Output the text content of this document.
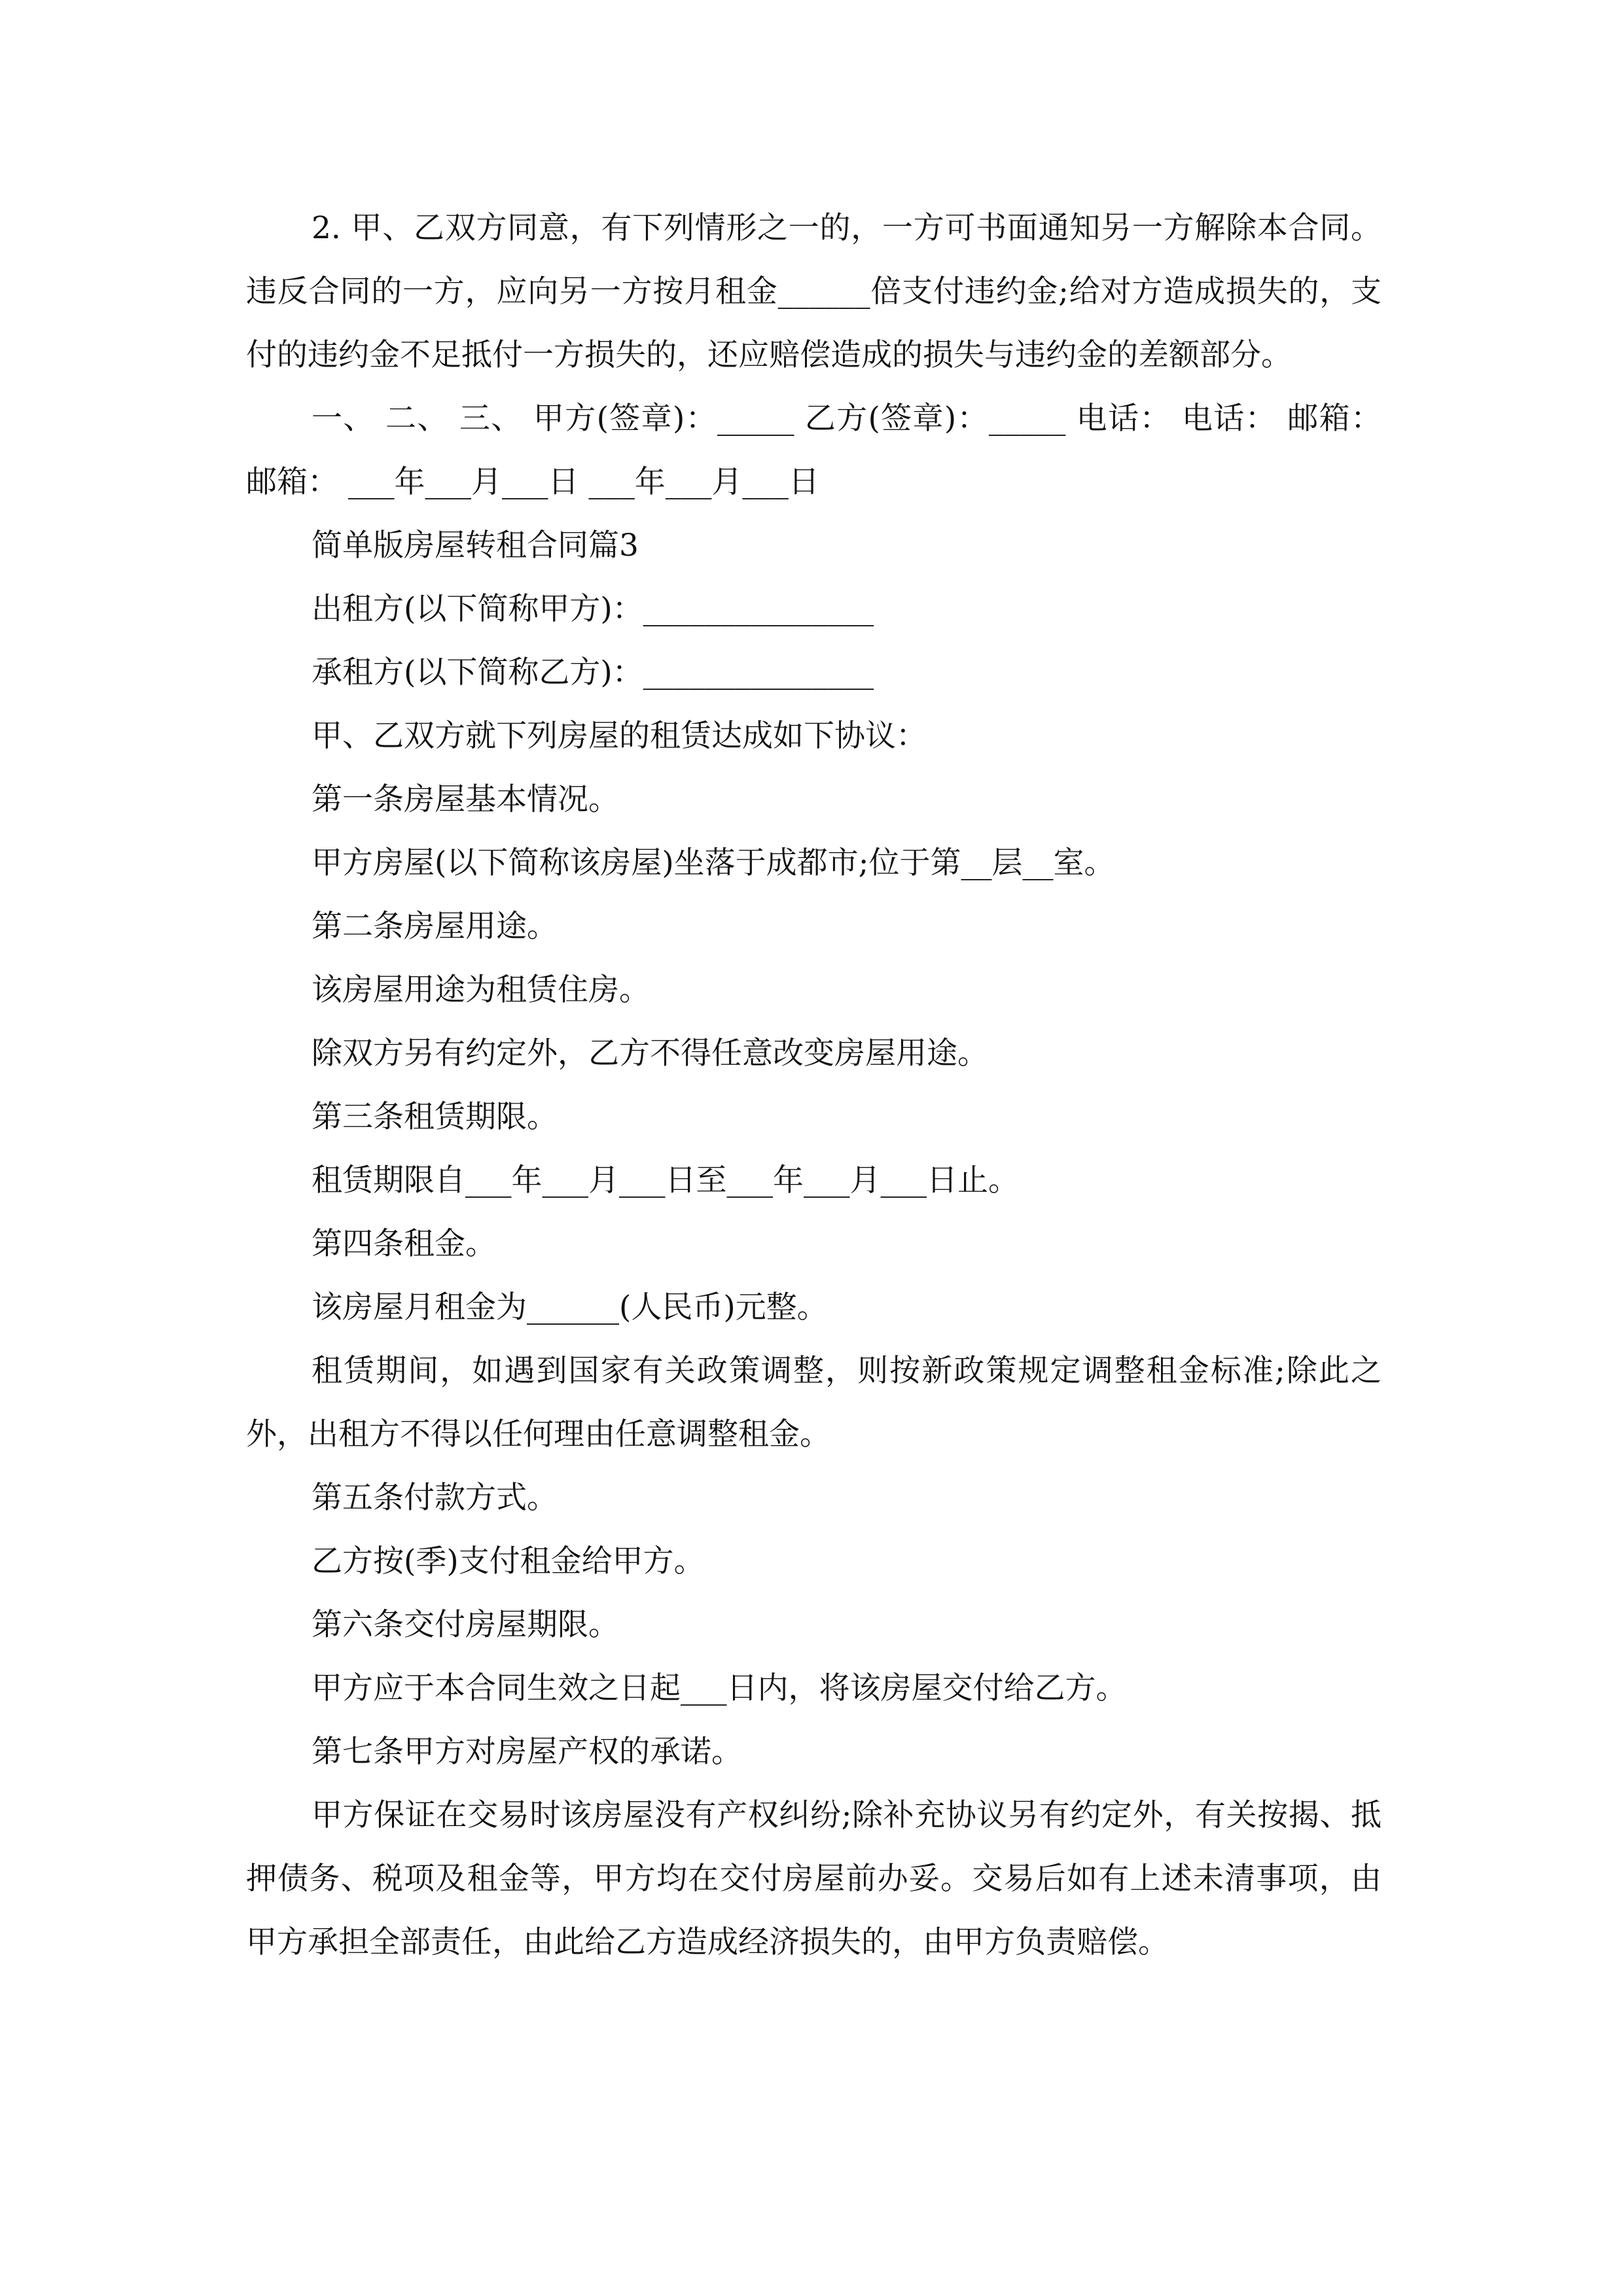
2. 甲、乙双方同意，有下列情形之一的，一方可书面通知另一方解除本合同。违反合同的一方，应向另一方按月租金______倍支付违约金;给对方造成损失的，支付的违约金不足抵付一方损失的，还应赔偿造成的损失与违约金的差额部分。

一、 二、 三、 甲方(签章)：_____ 乙方(签章)：_____ 电话： 电话： 邮箱： 邮箱： ___年___月___日 ___年___月___日

简单版房屋转租合同篇3

出租方(以下简称甲方)：_______________

承租方(以下简称乙方)：_______________

甲、乙双方就下列房屋的租赁达成如下协议：

第一条房屋基本情况。

甲方房屋(以下简称该房屋)坐落于成都市;位于第__层__室。

第二条房屋用途。

该房屋用途为租赁住房。

除双方另有约定外，乙方不得任意改变房屋用途。

第三条租赁期限。

租赁期限自___年___月___日至___年___月___日止。

第四条租金。

该房屋月租金为______(人民币)元整。

租赁期间，如遇到国家有关政策调整，则按新政策规定调整租金标准;除此之外，出租方不得以任何理由任意调整租金。

第五条付款方式。

乙方按(季)支付租金给甲方。

第六条交付房屋期限。

甲方应于本合同生效之日起___日内，将该房屋交付给乙方。

第七条甲方对房屋产权的承诺。

甲方保证在交易时该房屋没有产权纠纷;除补充协议另有约定外，有关按揭、抵押债务、税项及租金等，甲方均在交付房屋前办妥。交易后如有上述未清事项，由甲方承担全部责任，由此给乙方造成经济损失的，由甲方负责赔偿。
